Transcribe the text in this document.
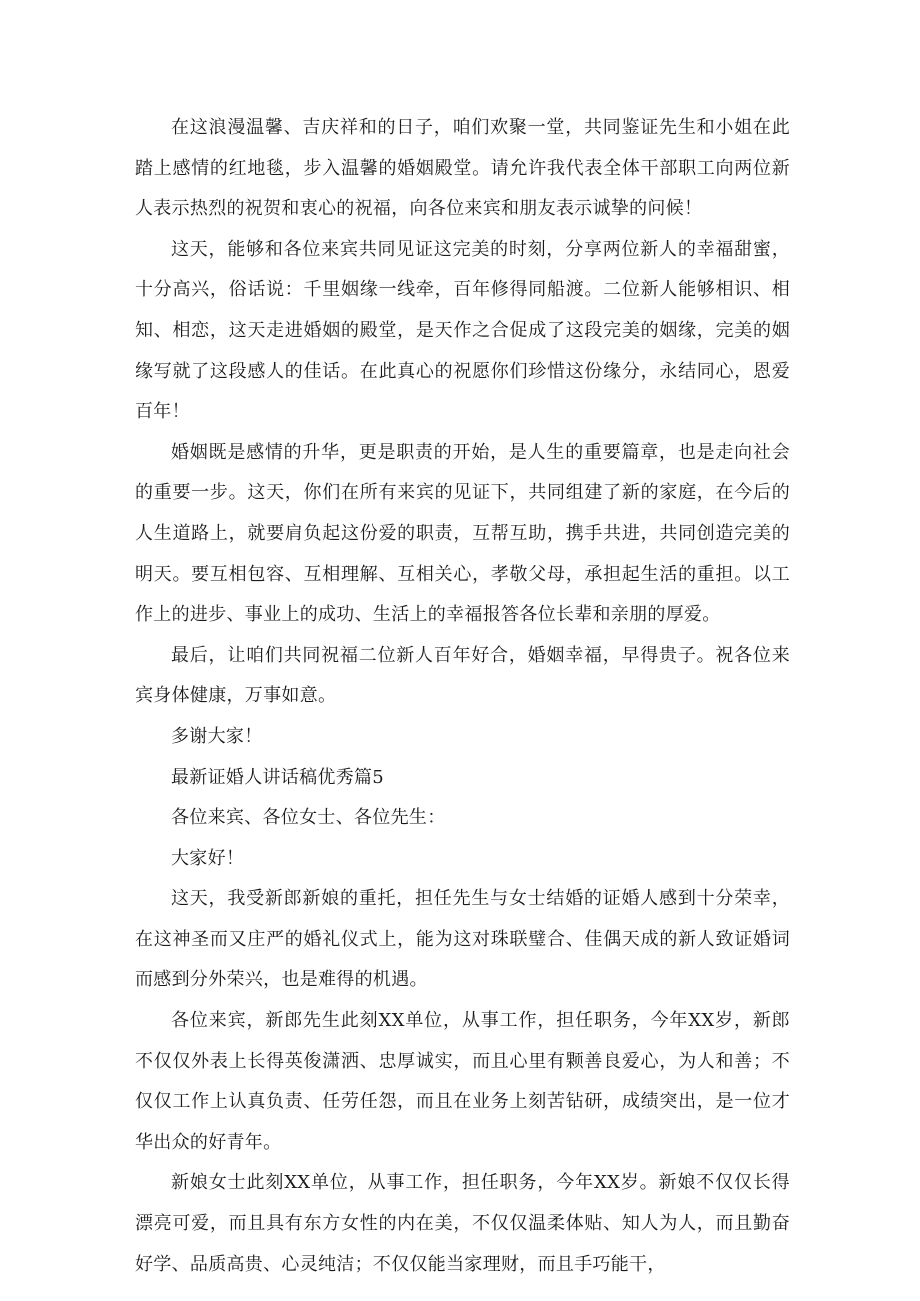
在这浪漫温馨、吉庆祥和的日子，咱们欢聚一堂，共同鉴证先生和小姐在此踏上感情的红地毯，步入温馨的婚姻殿堂。请允许我代表全体干部职工向两位新人表示热烈的祝贺和衷心的祝福，向各位来宾和朋友表示诚挚的问候！

这天，能够和各位来宾共同见证这完美的时刻，分享两位新人的幸福甜蜜，十分高兴，俗话说：千里姻缘一线牵，百年修得同船渡。二位新人能够相识、相知、相恋，这天走进婚姻的殿堂，是天作之合促成了这段完美的姻缘，完美的姻缘写就了这段感人的佳话。在此真心的祝愿你们珍惜这份缘分，永结同心，恩爱百年！

婚姻既是感情的升华，更是职责的开始，是人生的重要篇章，也是走向社会的重要一步。这天，你们在所有来宾的见证下，共同组建了新的家庭，在今后的人生道路上，就要肩负起这份爱的职责，互帮互助，携手共进，共同创造完美的明天。要互相包容、互相理解、互相关心，孝敬父母，承担起生活的重担。以工作上的进步、事业上的成功、生活上的幸福报答各位长辈和亲朋的厚爱。

最后，让咱们共同祝福二位新人百年好合，婚姻幸福，早得贵子。祝各位来宾身体健康，万事如意。

多谢大家！

最新证婚人讲话稿优秀篇5

各位来宾、各位女士、各位先生：

大家好！

这天，我受新郎新娘的重托，担任先生与女士结婚的证婚人感到十分荣幸，在这神圣而又庄严的婚礼仪式上，能为这对珠联璧合、佳偶天成的新人致证婚词而感到分外荣兴，也是难得的机遇。

各位来宾，新郎先生此刻XX单位，从事工作，担任职务，今年XX岁，新郎不仅仅外表上长得英俊潇洒、忠厚诚实，而且心里有颗善良爱心，为人和善；不仅仅工作上认真负责、任劳任怨，而且在业务上刻苦钻研，成绩突出，是一位才华出众的好青年。

新娘女士此刻XX单位，从事工作，担任职务，今年XX岁。新娘不仅仅长得漂亮可爱，而且具有东方女性的内在美，不仅仅温柔体贴、知人为人，而且勤奋好学、品质高贵、心灵纯洁；不仅仅能当家理财，而且手巧能干，
